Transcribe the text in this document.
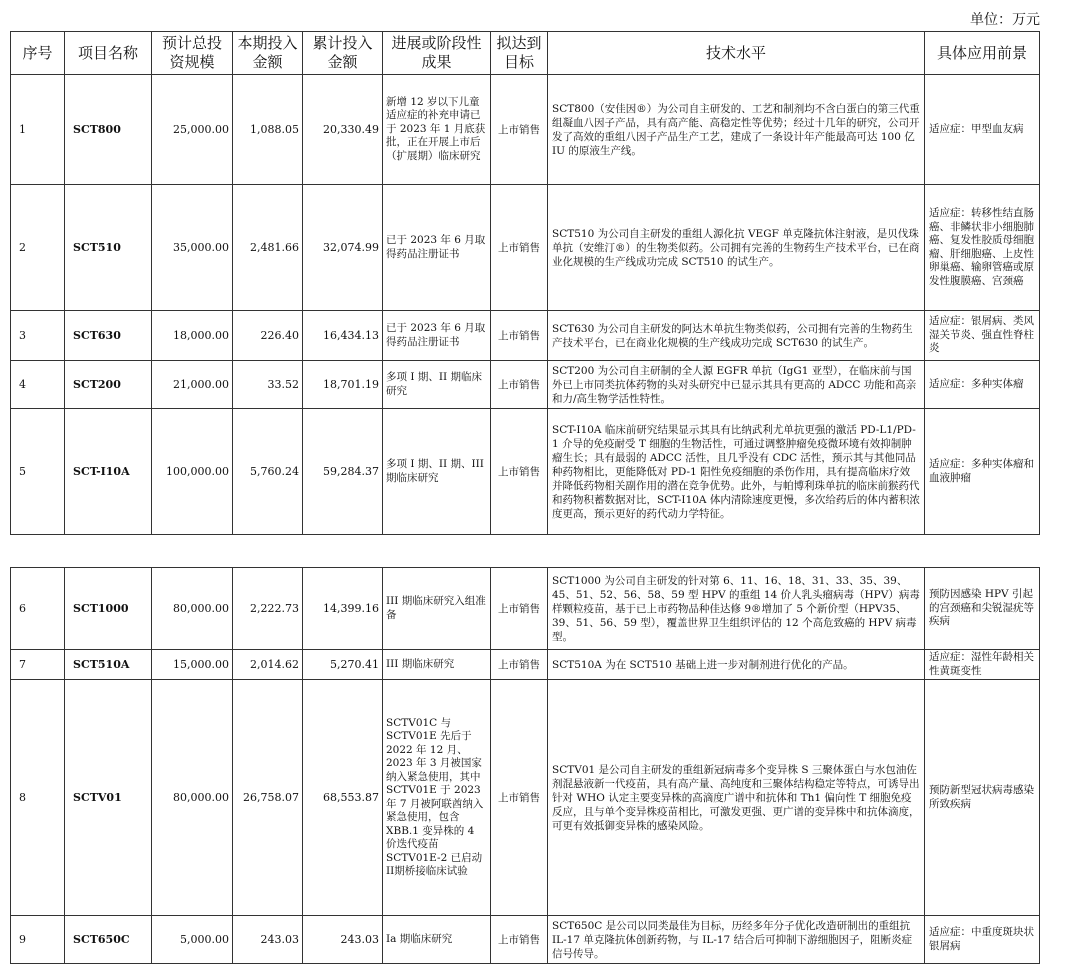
单位：万元
序号	项目名称	预计总投资规模	本期投入金额	累计投入金额	进展或阶段性成果	拟达到目标	技术水平	具体应用前景
1	SCT800	25,000.00	1,088.05	20,330.49	新增 12 岁以下儿童适应症的补充申请已于 2023 年 1 月底获批，正在开展上市后（扩展期）临床研究	上市销售	SCT800（安佳因®）为公司自主研发的、工艺和制剂均不含白蛋白的第三代重组凝血八因子产品，具有高产能、高稳定性等优势；经过十几年的研究，公司开发了高效的重组八因子产品生产工艺，建成了一条设计年产能最高可达 100 亿 IU 的原液生产线。	适应症：甲型血友病
2	SCT510	35,000.00	2,481.66	32,074.99	已于 2023 年 6 月取得药品注册证书	上市销售	SCT510 为公司自主研发的重组人源化抗 VEGF 单克隆抗体注射液，是贝伐珠单抗（安维汀®）的生物类似药。公司拥有完善的生物药生产技术平台，已在商业化规模的生产线成功完成 SCT510 的试生产。	适应症：转移性结直肠癌、非鳞状非小细胞肺癌、复发性胶质母细胞瘤、肝细胞癌、上皮性卵巢癌、输卵管癌或原发性腹膜癌、宫颈癌
3	SCT630	18,000.00	226.40	16,434.13	已于 2023 年 6 月取得药品注册证书	上市销售	SCT630 为公司自主研发的阿达木单抗生物类似药，公司拥有完善的生物药生产技术平台，已在商业化规模的生产线成功完成 SCT630 的试生产。	适应症：银屑病、类风湿关节炎、强直性脊柱炎
4	SCT200	21,000.00	33.52	18,701.19	多项 I 期、II 期临床研究	上市销售	SCT200 为公司自主研制的全人源 EGFR 单抗（IgG1 亚型），在临床前与国外已上市同类抗体药物的头对头研究中已显示其具有更高的 ADCC 功能和高亲和力/高生物学活性特性。	适应症：多种实体瘤
5	SCT-I10A	100,000.00	5,760.24	59,284.37	多项 I 期、II 期、III 期临床研究	上市销售	SCT-I10A 临床前研究结果显示其具有比纳武利尤单抗更强的激活 PD-L1/PD-1 介导的免疫耐受 T 细胞的生物活性，可通过调整肿瘤免疫微环境有效抑制肿瘤生长；具有最弱的 ADCC 活性，且几乎没有 CDC 活性，预示其与其他同品种药物相比，更能降低对 PD-1 阳性免疫细胞的杀伤作用，具有提高临床疗效并降低药物相关副作用的潜在竞争优势。此外，与帕博利珠单抗的临床前猴药代和药物积蓄数据对比，SCT-I10A 体内清除速度更慢，多次给药后的体内蓄积浓度更高，预示更好的药代动力学特征。	适应症：多种实体瘤和血液肿瘤
6	SCT1000	80,000.00	2,222.73	14,399.16	III 期临床研究入组准备	上市销售	SCT1000 为公司自主研发的针对第 6、11、16、18、31、33、35、39、45、51、52、56、58、59 型 HPV 的重组 14 价人乳头瘤病毒（HPV）病毒样颗粒疫苗，基于已上市药物品种佳达修 9®增加了 5 个新价型（HPV35、39、51、56、59 型），覆盖世界卫生组织评估的 12 个高危致癌的 HPV 病毒型。	预防因感染 HPV 引起的宫颈癌和尖锐湿疣等疾病
7	SCT510A	15,000.00	2,014.62	5,270.41	III 期临床研究	上市销售	SCT510A 为在 SCT510 基础上进一步对制剂进行优化的产品。	适应症：湿性年龄相关性黄斑变性
8	SCTV01	80,000.00	26,758.07	68,553.87	SCTV01C 与 SCTV01E 先后于 2022 年 12 月、2023 年 3 月被国家纳入紧急使用，其中 SCTV01E 于 2023 年 7 月被阿联酋纳入紧急使用，包含 XBB.1 变异株的 4 价迭代疫苗 SCTV01E-2 已启动II期桥接临床试验	上市销售	SCTV01 是公司自主研发的重组新冠病毒多个变异株 S 三聚体蛋白与水包油佐剂混悬液新一代疫苗，具有高产量、高纯度和三聚体结构稳定等特点，可诱导出针对 WHO 认定主要变异株的高滴度广谱中和抗体和 Th1 偏向性 T 细胞免疫反应，且与单个变异株疫苗相比，可激发更强、更广谱的变异株中和抗体滴度，可更有效抵御变异株的感染风险。	预防新型冠状病毒感染所致疾病
9	SCT650C	5,000.00	243.03	243.03	Ia 期临床研究	上市销售	SCT650C 是公司以同类最佳为目标，历经多年分子优化改造研制出的重组抗 IL-17 单克隆抗体创新药物，与 IL-17 结合后可抑制下游细胞因子，阻断炎症信号传导。	适应症：中重度斑块状银屑病
